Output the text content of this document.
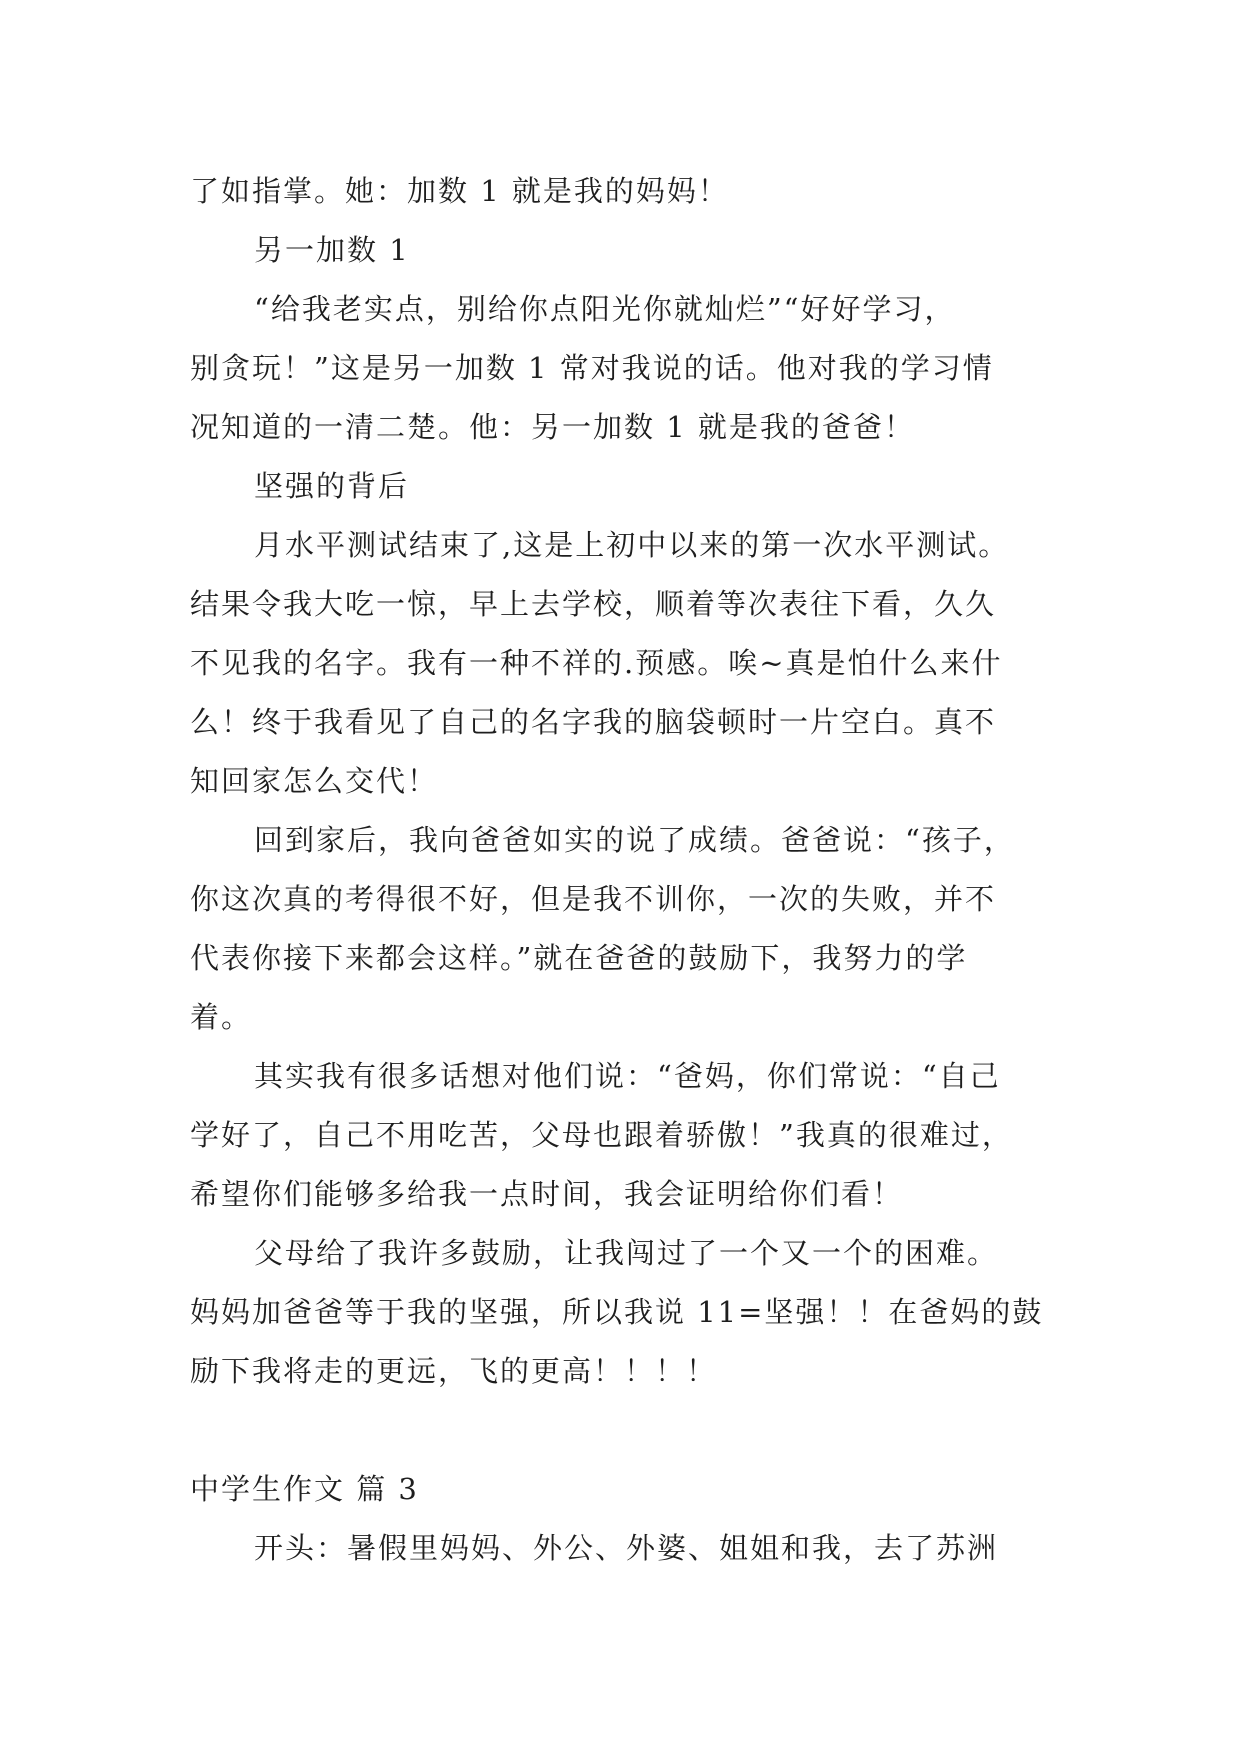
了如指掌。她：加数 1 就是我的妈妈！

另一加数 1

“给我老实点，别给你点阳光你就灿烂”“好好学习，

别贪玩！”这是另一加数 1 常对我说的话。他对我的学习情

况知道的一清二楚。他：另一加数 1 就是我的爸爸！

坚强的背后

月水平测试结束了,这是上初中以来的第一次水平测试。

结果令我大吃一惊，早上去学校，顺着等次表往下看，久久

不见我的名字。我有一种不祥的.预感。唉~真是怕什么来什

么！终于我看见了自己的名字我的脑袋顿时一片空白。真不

知回家怎么交代！

回到家后，我向爸爸如实的说了成绩。爸爸说：“孩子，

你这次真的考得很不好，但是我不训你，一次的失败，并不

代表你接下来都会这样。”就在爸爸的鼓励下，我努力的学

着。

其实我有很多话想对他们说：“爸妈，你们常说：“自己

学好了，自己不用吃苦，父母也跟着骄傲！”我真的很难过，

希望你们能够多给我一点时间，我会证明给你们看！

父母给了我许多鼓励，让我闯过了一个又一个的困难。

妈妈加爸爸等于我的坚强，所以我说 11=坚强！！在爸妈的鼓

励下我将走的更远，飞的更高！！！！

中学生作文 篇 3

开头：暑假里妈妈、外公、外婆、姐姐和我，去了苏洲
